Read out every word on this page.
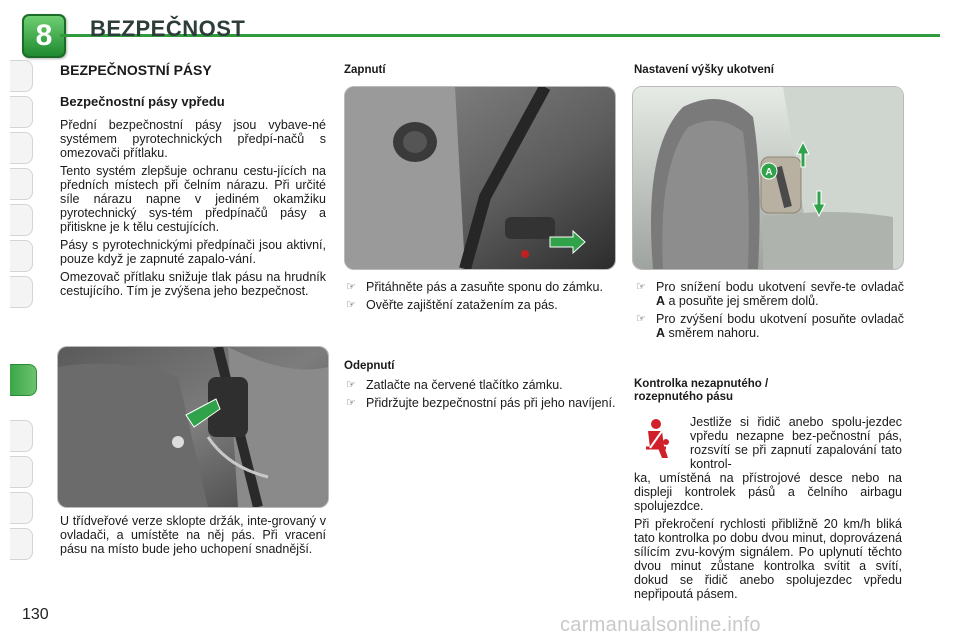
8	BEZPEČNOST
BEZPEČNOSTNÍ PÁSY
Bezpečnostní pásy vpředu

Přední bezpečnostní pásy jsou vybave-né systémem pyrotechnických předpí-načů s omezovači přítlaku.

Tento systém zlepšuje ochranu cestu-jících na předních místech při čelním nárazu. Při určité síle nárazu napne v jediném okamžiku pyrotechnický sys-tém předpínačů pásy a přitiskne je k tělu cestujících.

Pásy s pyrotechnickými předpínači jsou aktivní, pouze když je zapnuté zapalo-vání.

Omezovač přítlaku snižuje tlak pásu na hrudník cestujícího. Tím je zvýšena jeho bezpečnost.

U třídveřové verze sklopte držák, inte-grovaný v ovladači, a umístěte na něj pás. Při vracení pásu na místo bude jeho uchopení snadnější.
Zapnutí
☞ Přitáhněte pás a zasuňte sponu do zámku.
☞ Ověřte zajištění zatažením za pás.
Odepnutí
☞ Zatlačte na červené tlačítko zámku.
☞ Přidržujte bezpečnostní pás při jeho navíjení.
Nastavení výšky ukotvení
A
☞ Pro snížení bodu ukotvení sevře-te ovladač A a posuňte jej směrem dolů.
☞ Pro zvýšení bodu ukotvení posuňte ovladač A směrem nahoru.
Kontrolka nezapnutého /
rozepnutého pásu
Jestliže si řidič anebo spolu-jezdec vpředu nezapne bez-pečnostní pás, rozsvítí se při zapnutí zapalování tato kontrol-

ka, umístěná na přístrojové desce nebo na displeji kontrolek pásů a čelního airbagu spolujezdce.

Při překročení rychlosti přibližně 20 km/h bliká tato kontrolka po dobu dvou minut, doprovázená sílícím zvu-kovým signálem. Po uplynutí těchto dvou minut zůstane kontrolka svítit a svítí, dokud se řidič anebo spolujezdec vpředu nepřipoutá pásem.

130	carmanualsonline.info
